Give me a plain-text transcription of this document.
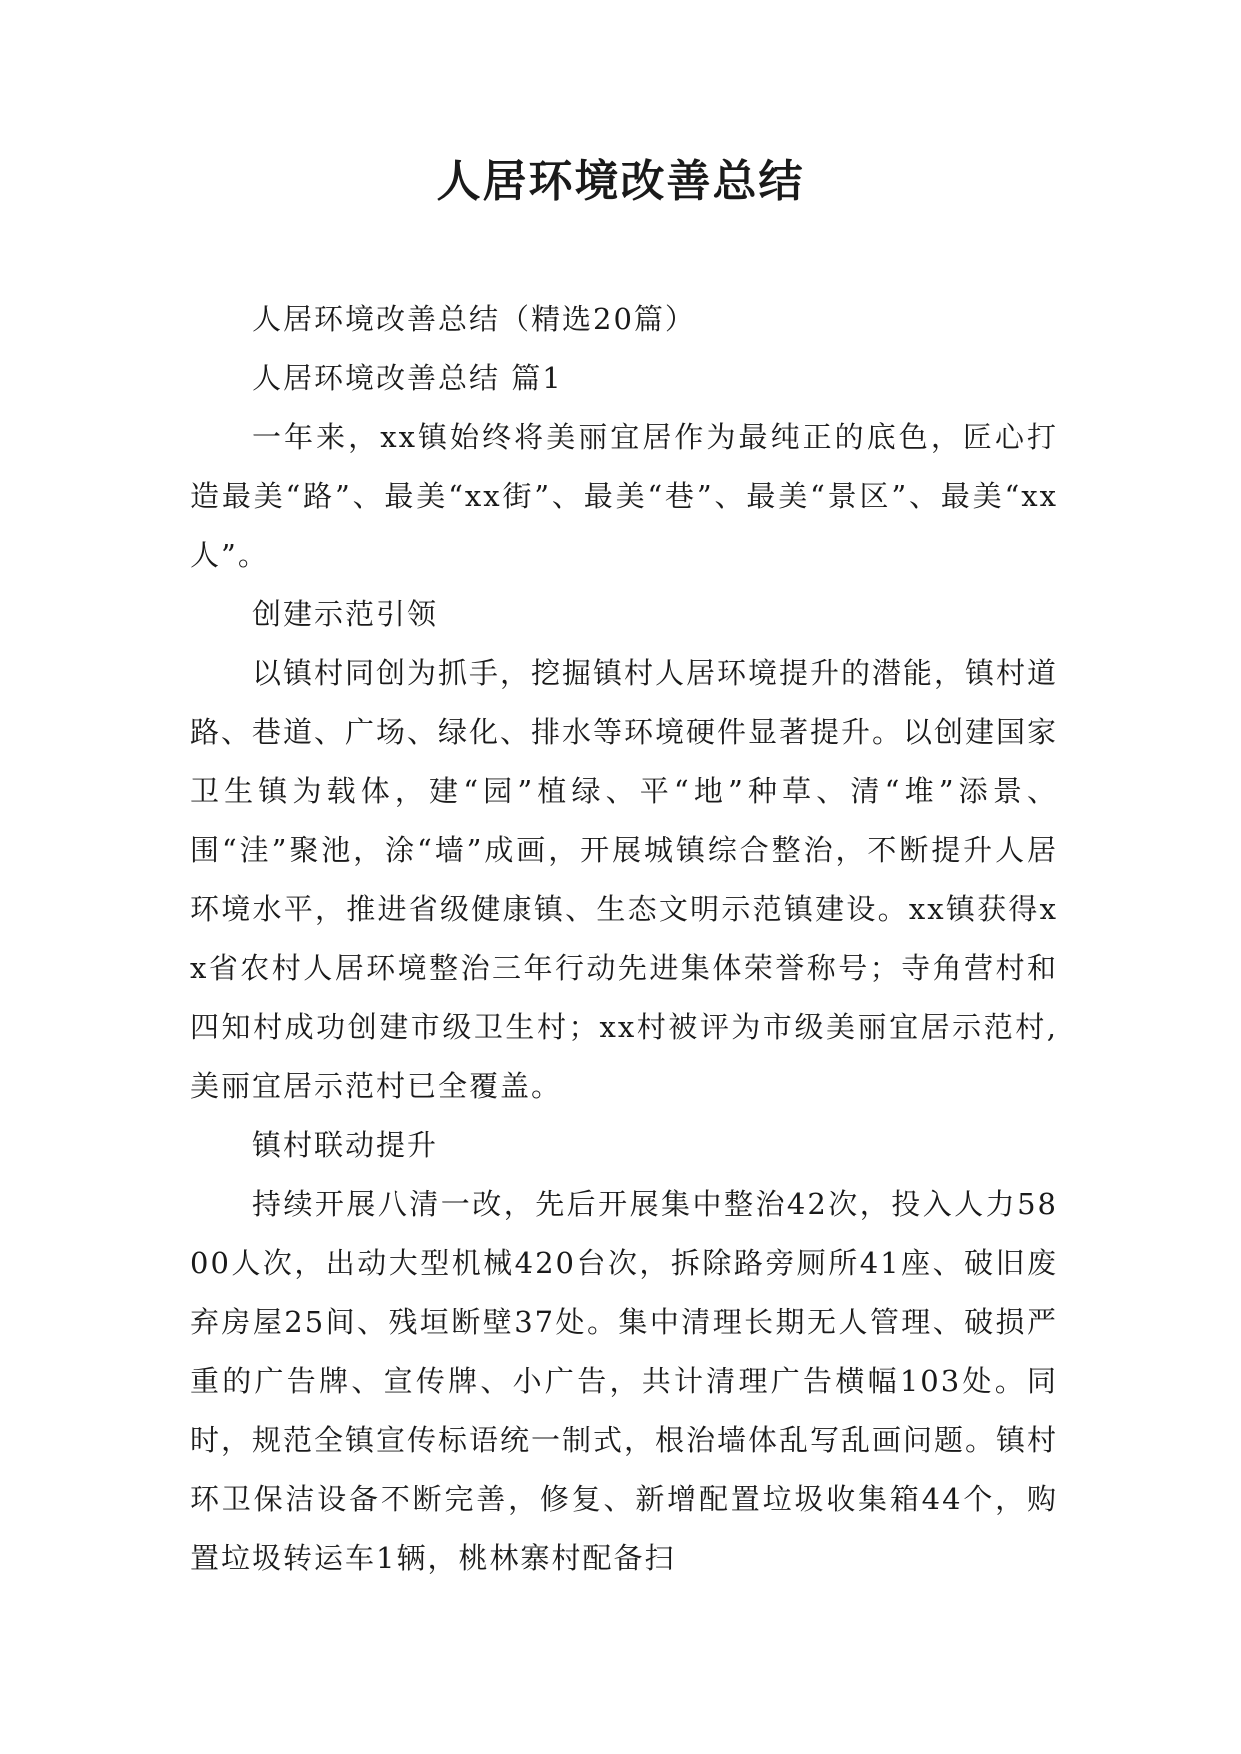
人居环境改善总结

人居环境改善总结（精选20篇）

人居环境改善总结 篇1

一年来，xx镇始终将美丽宜居作为最纯正的底色，匠心打造最美“路”、最美“xx街”、最美“巷”、最美“景区”、最美“xx人”。

创建示范引领

以镇村同创为抓手，挖掘镇村人居环境提升的潜能，镇村道路、巷道、广场、绿化、排水等环境硬件显著提升。以创建国家卫生镇为载体，建“园”植绿、平“地”种草、清“堆”添景、围“洼”聚池，涂“墙”成画，开展城镇综合整治，不断提升人居环境水平，推进省级健康镇、生态文明示范镇建设。xx镇获得xx省农村人居环境整治三年行动先进集体荣誉称号；寺角营村和四知村成功创建市级卫生村；xx村被评为市级美丽宜居示范村,美丽宜居示范村已全覆盖。

镇村联动提升

持续开展八清一改，先后开展集中整治42次，投入人力5800人次，出动大型机械420台次，拆除路旁厕所41座、破旧废弃房屋25间、残垣断壁37处。集中清理长期无人管理、破损严重的广告牌、宣传牌、小广告，共计清理广告横幅103处。同时，规范全镇宣传标语统一制式，根治墙体乱写乱画问题。镇村环卫保洁设备不断完善，修复、新增配置垃圾收集箱44个，购置垃圾转运车1辆，桃林寨村配备扫
